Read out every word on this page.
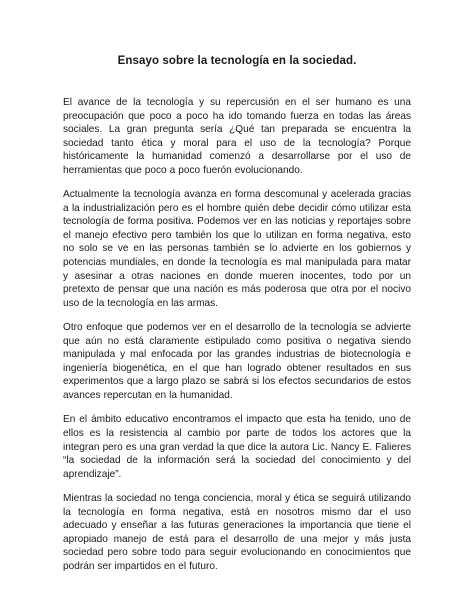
Ensayo sobre la tecnología en la sociedad.

El avance de la tecnología y su repercusión en el ser humano es una preocupación que poco a poco ha ido tomando fuerza en todas las áreas sociales. La gran pregunta sería ¿Qué tan preparada se encuentra la sociedad tanto ética y moral para el uso de la tecnología? Porque históricamente la humanidad comenzó a desarrollarse por el uso de herramientas que poco a poco fuerón evolucionando.

Actualmente la tecnología avanza en forma descomunal y acelerada gracias a la industrialización pero es el hombre quién debe decidir cómo utilizar esta tecnología de forma positiva. Podemos ver en las noticias y reportajes sobre el manejo efectivo pero también los que lo utilizan en forma negativa, esto no solo se ve en las personas también se lo advierte en los gobiernos y potencias mundiales, en donde la tecnología es mal manipulada para matar y asesinar a otras naciones en donde mueren inocentes, todo por un pretexto de pensar que una nación es más poderosa que otra por el nocivo uso de la tecnología en las armas.

Otro enfoque que podemos ver en el desarrollo de la tecnología se advierte que aún no está claramente estipulado como positiva o negativa siendo manipulada y mal enfocada por las grandes industrias de biotecnología e ingeniería biogenética, en el que han logrado obtener resultados en sus experimentos que a largo plazo se sabrá si los efectos secundarios de estos avances repercutan en la humanidad.

En el ámbito educativo encontramos el impacto que esta ha tenido, uno de ellos es la resistencia al cambio por parte de todos los actores que la integran pero es una gran verdad la que dice la autora Lic. Nancy E. Falieres “la sociedad de la información será la sociedad del conocimiento y del aprendizaje”.

Mientras la sociedad no tenga conciencia, moral y ética se seguirá utilizando la tecnología en forma negativa, está en nosotros mismo dar el uso adecuado y enseñar a las futuras generaciones la importancia que tiene el apropiado manejo de está para el desarrollo de una mejor y más justa sociedad pero sobre todo para seguir evolucionando en conocimientos que podrán ser impartidos en el futuro.
